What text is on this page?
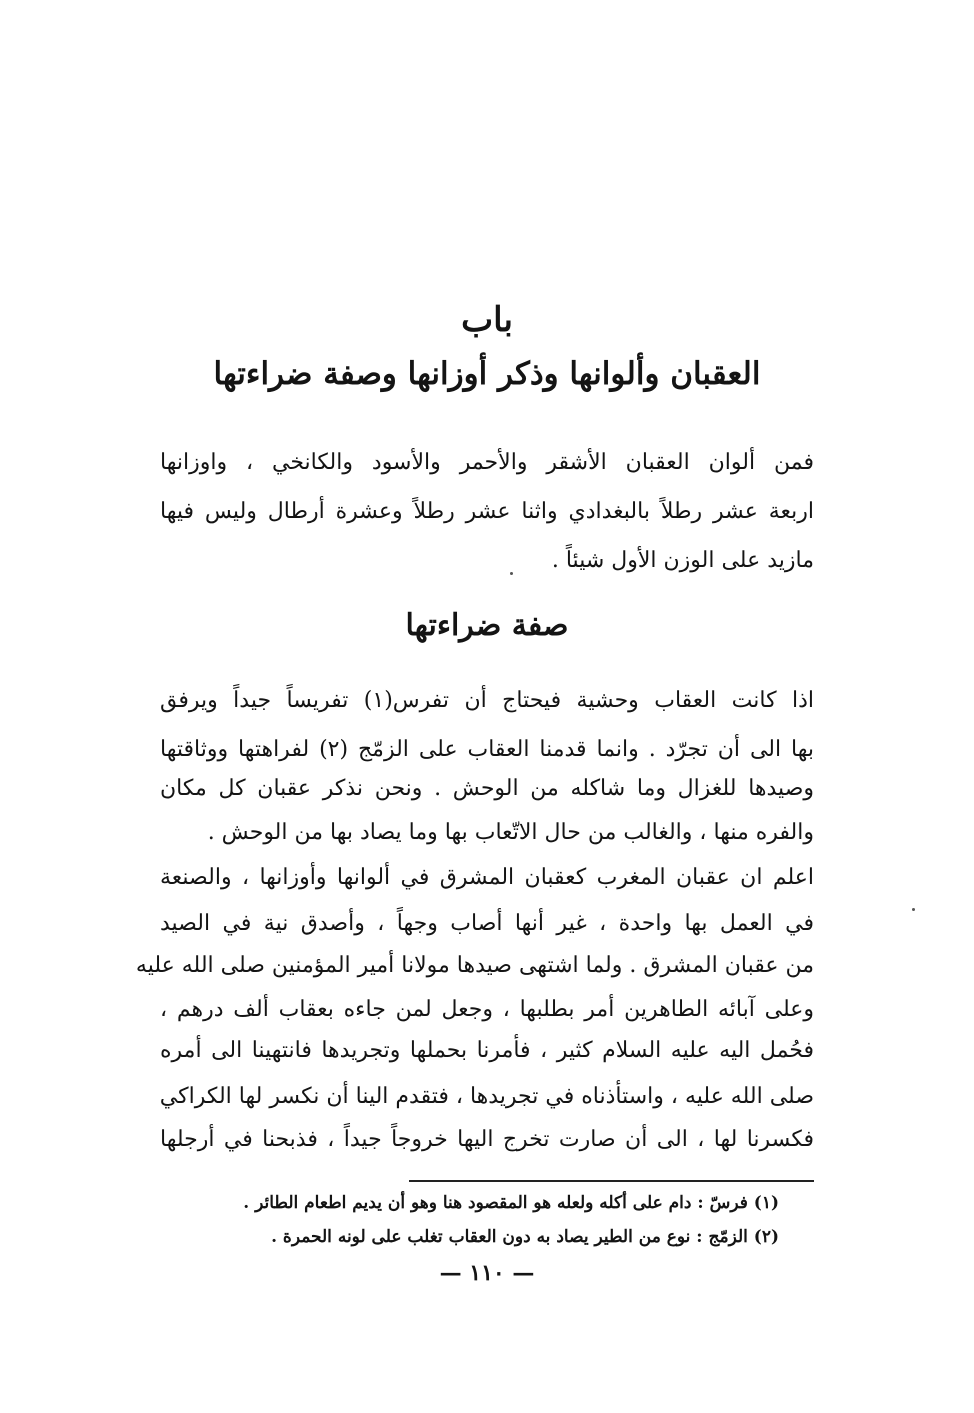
باب
العقبان وألوانها وذكر أوزانها وصفة ضراءتها
فمن ألوان العقبان الأشقر والأحمر والأسود والكانخي ، واوزانها
اربعة عشر رطلاً بالبغدادي واثنا عشر رطلاً وعشرة أرطال وليس فيها
مازيد على الوزن الأول شيئاً .
صفة ضراءتها
اذا كانت العقاب وحشية فيحتاج أن تفرس(١) تفريساً جيداً ويرفق
بها الى أن تجرّد . وانما قدمنا العقاب على الزمّج (٢) لفراهتها ووثاقتها
وصيدها للغزال وما شاكله من الوحش . ونحن نذكر عقبان كل مكان
والفره منها ، والغالب من حال الاتّعاب بها وما يصاد بها من الوحش .
اعلم ان عقبان المغرب كعقبان المشرق في ألوانها وأوزانها ، والصنعة
في العمل بها واحدة ، غير أنها أصاب وجهاً ، وأصدق نية في الصيد
من عقبان المشرق . ولما اشتهى صيدها مولانا أمير المؤمنين صلى الله عليه
وعلى آبائه الطاهرين أمر بطلبها ، وجعل لمن جاءه بعقاب ألف درهم ،
فحُمل اليه عليه السلام كثير ، فأمرنا بحملها وتجريدها فانتهينا الى أمره
صلى الله عليه ، واستأذناه في تجريدها ، فتقدم الينا أن نكسر لها الكراكي
فكسرنا لها ، الى أن صارت تخرج اليها خروجاً جيداً ، فذبحنا في أرجلها
(١) فرسّ : دام على أكله ولعله هو المقصود هنا وهو أن يديم اطعام الطائر .
(٢) الزمّج : نوع من الطير يصاد به دون العقاب تغلب على لونه الحمرة .
— ١١٠ —
